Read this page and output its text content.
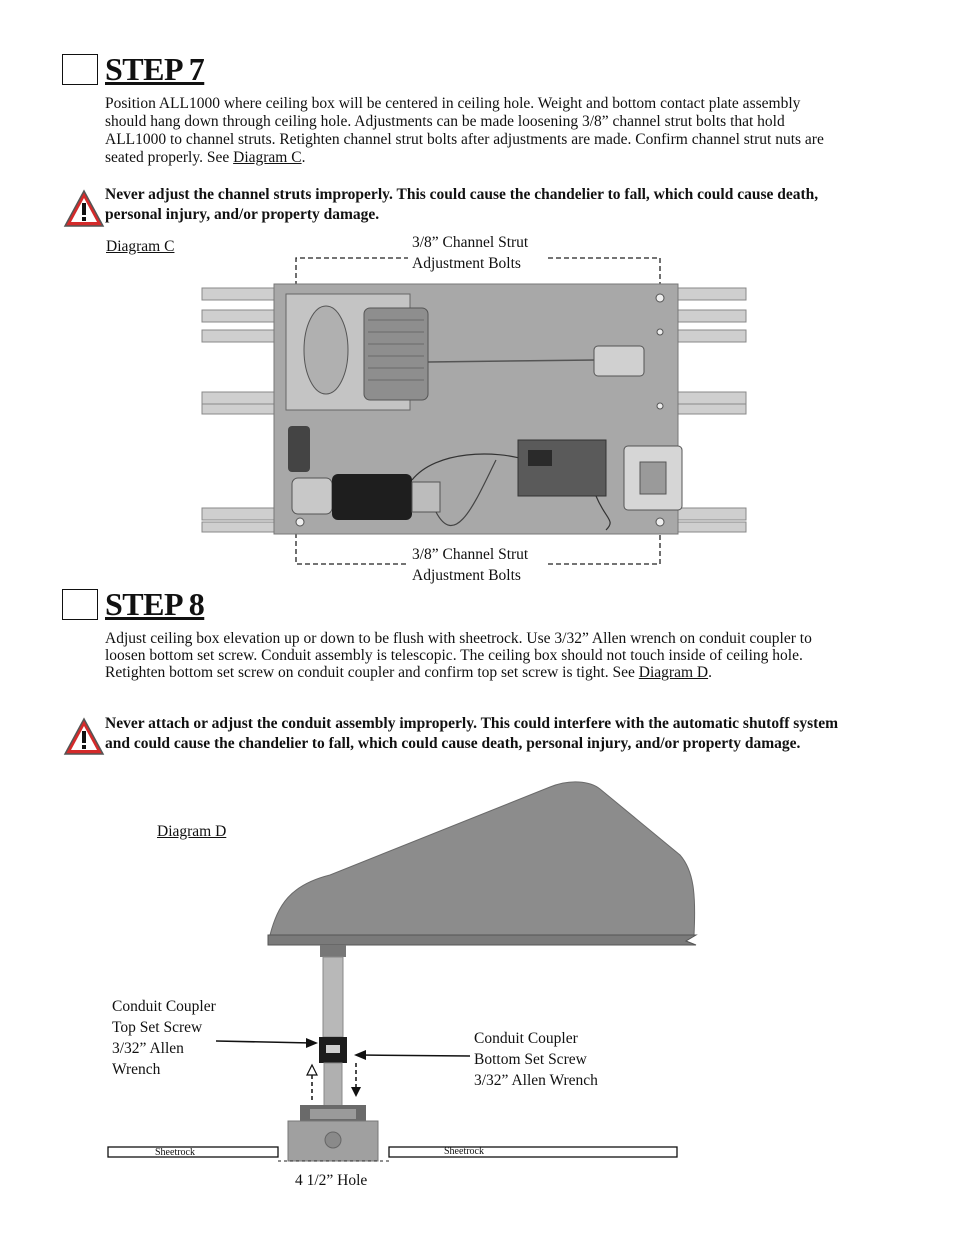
STEP 7
Position ALL1000 where ceiling box will be centered in ceiling hole. Weight and bottom contact plate assembly should hang down through ceiling hole. Adjustments can be made loosening 3/8” channel strut bolts that hold ALL1000 to channel struts. Retighten channel strut bolts after adjustments are made. Confirm channel strut nuts are seated properly. See Diagram C.
Never adjust the channel struts improperly. This could cause the chandelier to fall, which could cause death, personal injury, and/or property damage.
Diagram C	3/8” Channel Strut
Adjustment Bolts
3/8” Channel Strut
Adjustment Bolts
STEP 8
Adjust ceiling box elevation up or down to be flush with sheetrock. Use 3/32” Allen wrench on conduit coupler to loosen bottom set screw. Conduit assembly is telescopic. The ceiling box should not touch inside of ceiling hole. Retighten bottom set screw on conduit coupler and confirm top set screw is tight. See Diagram D.
Never attach or adjust the conduit assembly improperly. This could interfere with the automatic shutoff system and could cause the chandelier to fall, which could cause death, personal injury, and/or property damage.
Diagram D
Conduit Coupler
Top Set Screw
3/32” Allen
Wrench
Conduit Coupler
Bottom Set Screw
3/32” Allen Wrench
Sheetrock	Sheetrock
4 1/2” Hole
